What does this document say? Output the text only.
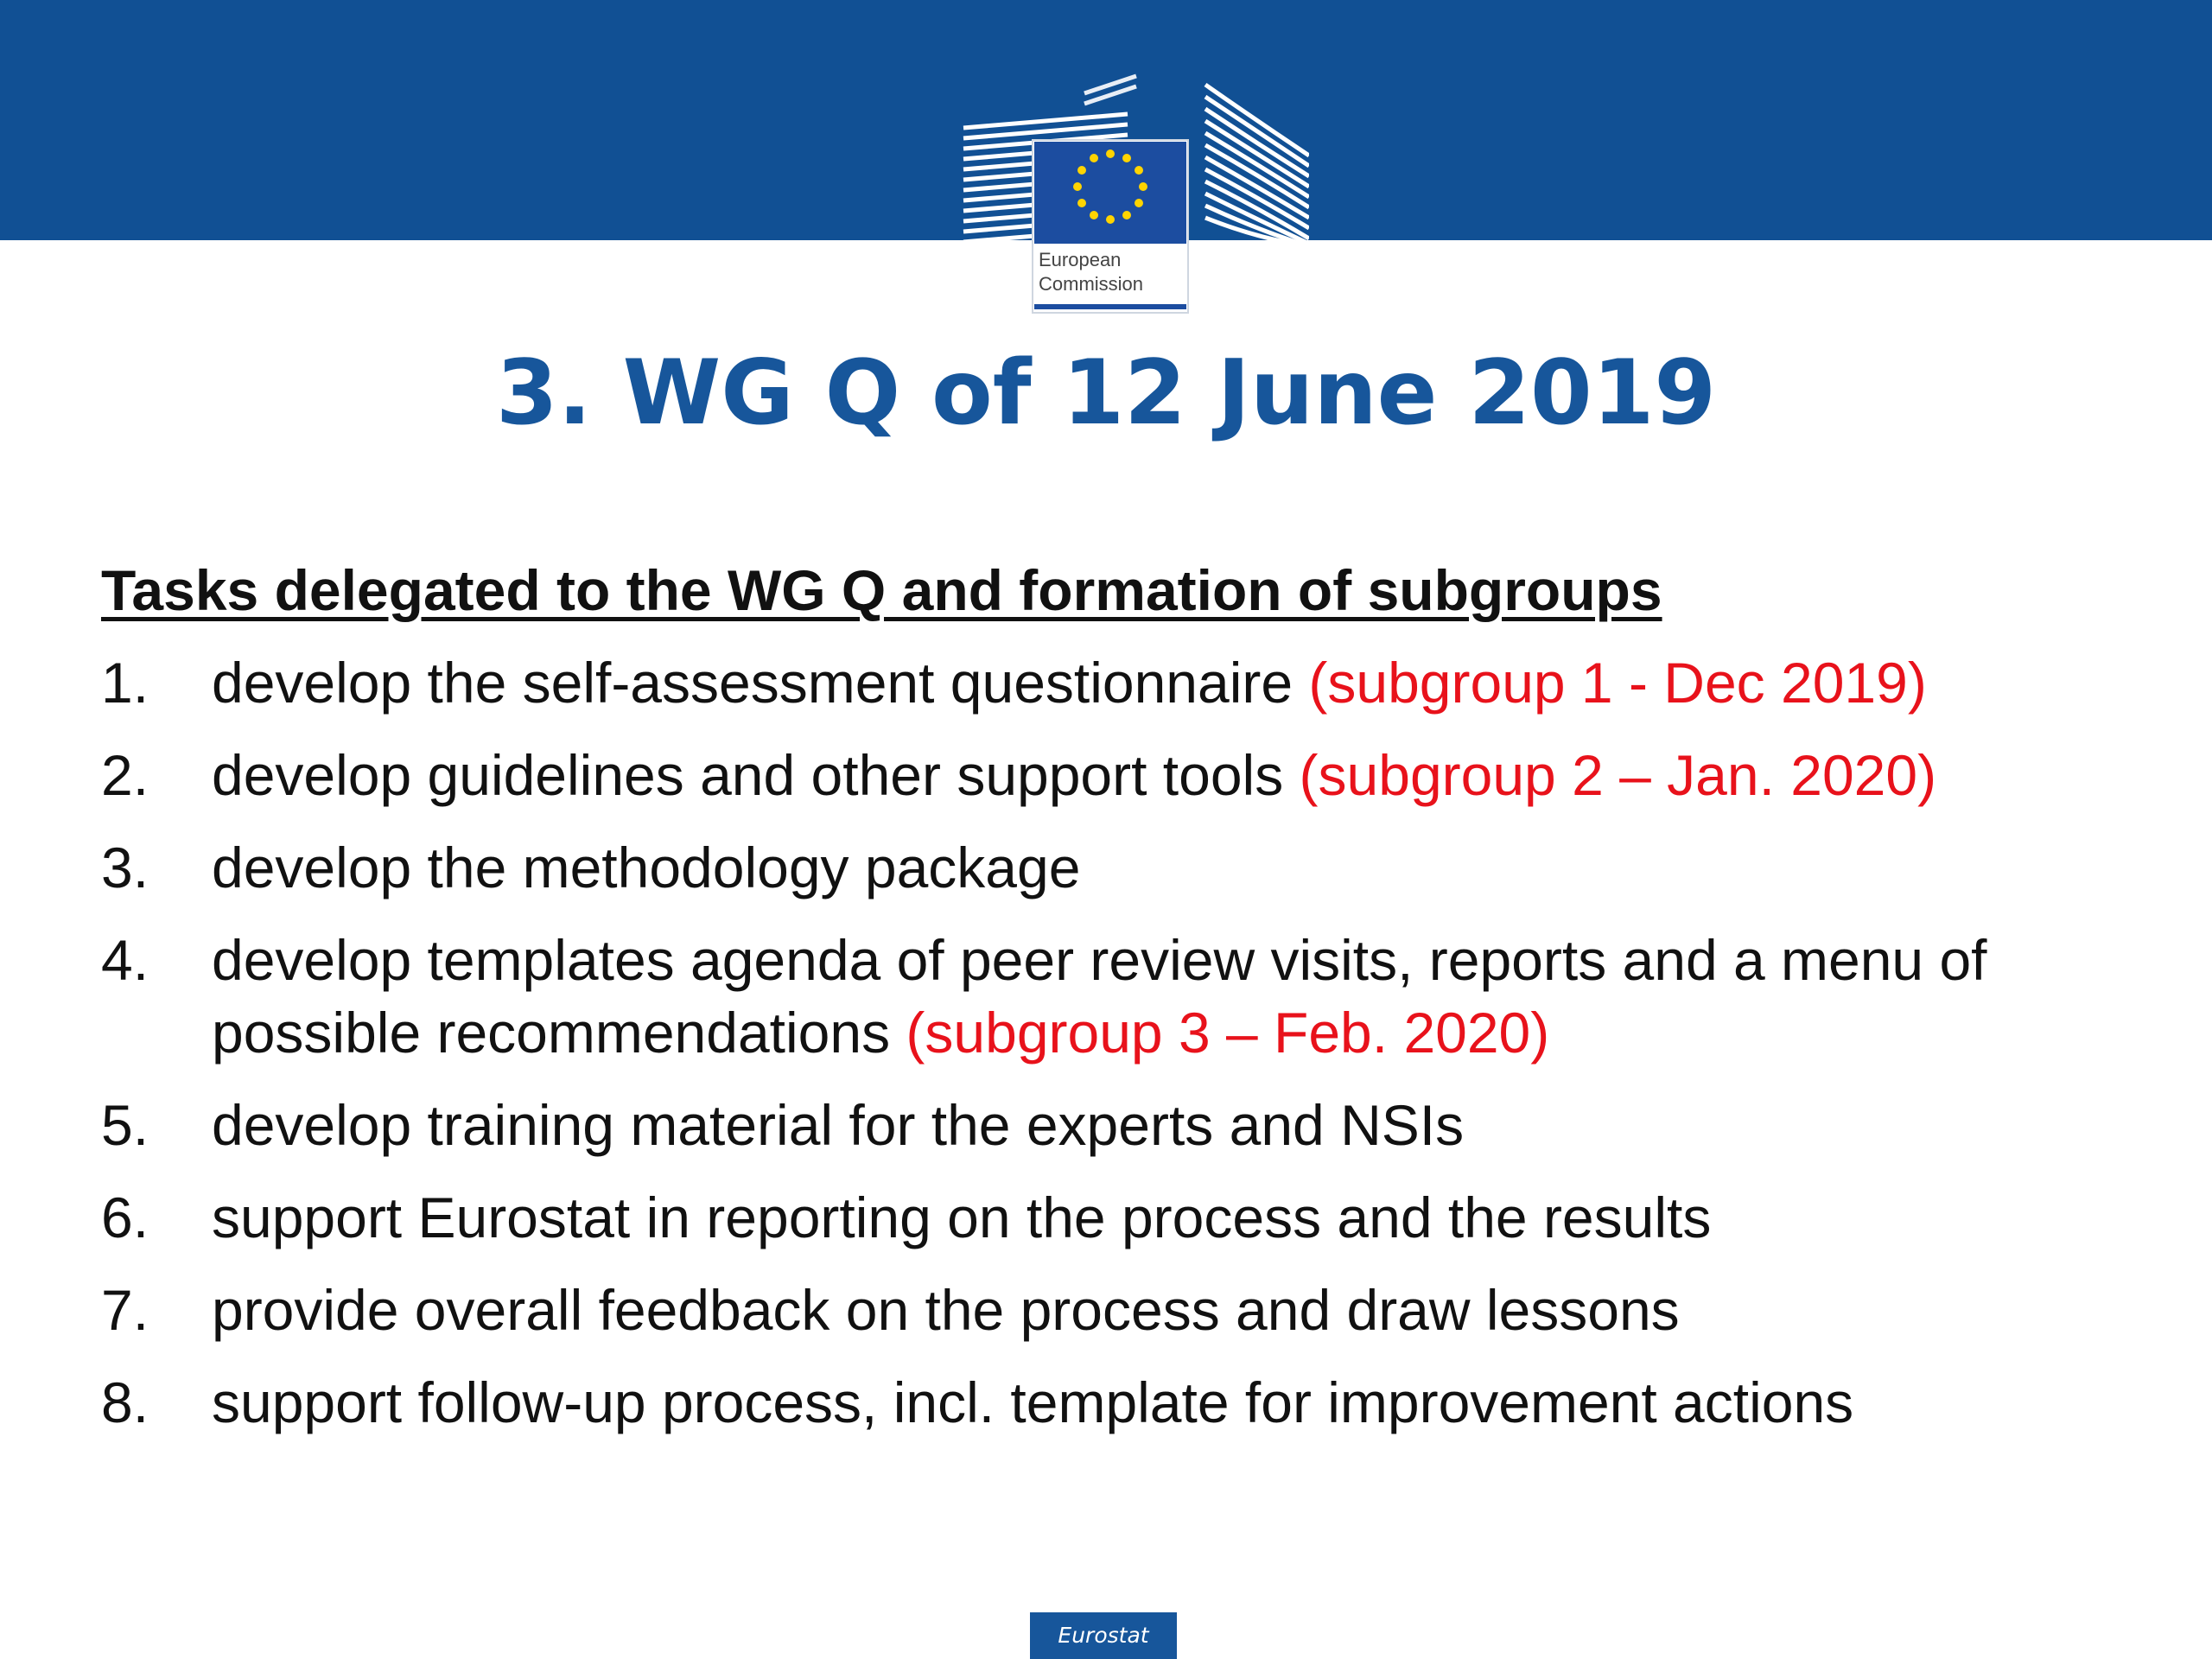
European
Commission
3. WG Q of 12 June 2019
Tasks delegated to the WG Q and formation of subgroups
1. develop the self-assessment questionnaire (subgroup 1 - Dec 2019)
2. develop guidelines and other support tools (subgroup 2 – Jan. 2020)
3. develop the methodology package
4. develop templates agenda of peer review visits, reports and a menu of possible recommendations (subgroup 3 – Feb. 2020)
5. develop training material for the experts and NSIs
6. support Eurostat in reporting on the process and the results
7. provide overall feedback on the process and draw lessons
8. support follow-up process, incl. template for improvement actions
Eurostat
